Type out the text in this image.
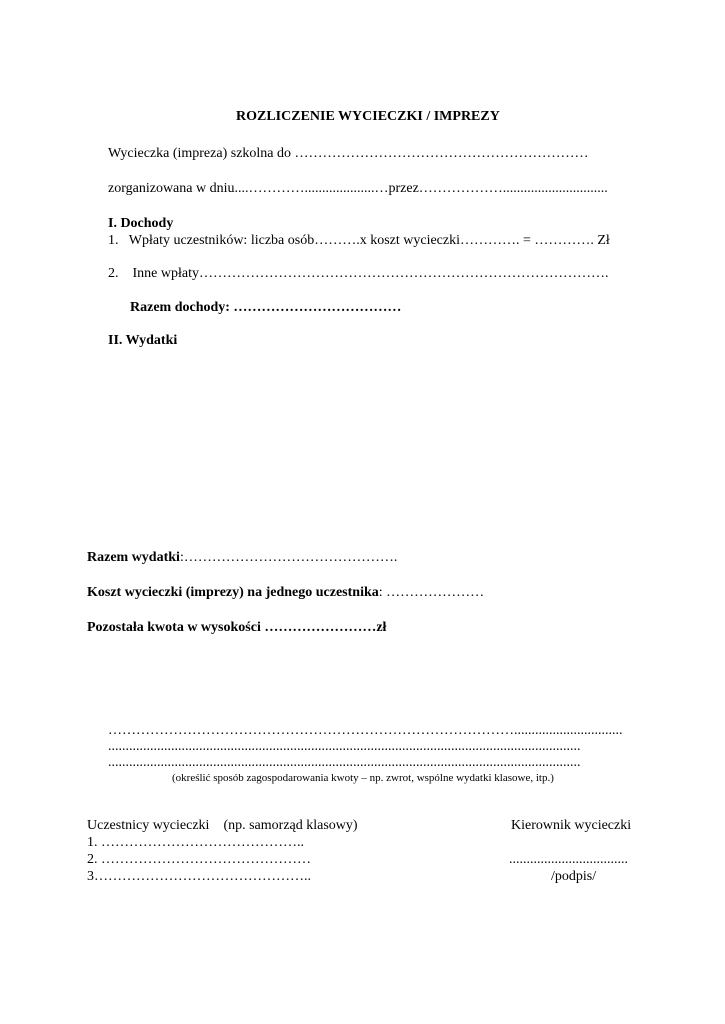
ROZLICZENIE WYCIECZKI / IMPREZY
Wycieczka (impreza) szkolna do ………………………………………………………
zorganizowana w dniu....…………....................…przez………………..............................
I. Dochody
1.   Wpłaty uczestników: liczba osób……….x koszt wycieczki…………. = …………. Zł
2.    Inne wpłaty…………………………………………………………………………….
Razem dochody: ………………………………
II. Wydatki
Razem wydatki:……………………………………….
Koszt wycieczki (imprezy) na jednego uczestnika: …………………
Pozostała kwota w wysokości ……………………zł
……………………………………………………………………………...............................
.......................................................................................................................................
.......................................................................................................................................
(określić sposób zagospodarowania kwoty – np. zwrot, wspólne wydatki klasowe, itp.)
Uczestnicy wycieczki    (np. samorząd klasowy)	Kierownik wycieczki
1. ……………………………………..
2. ………………………………………	..................................
3………………………………………..	/podpis/
